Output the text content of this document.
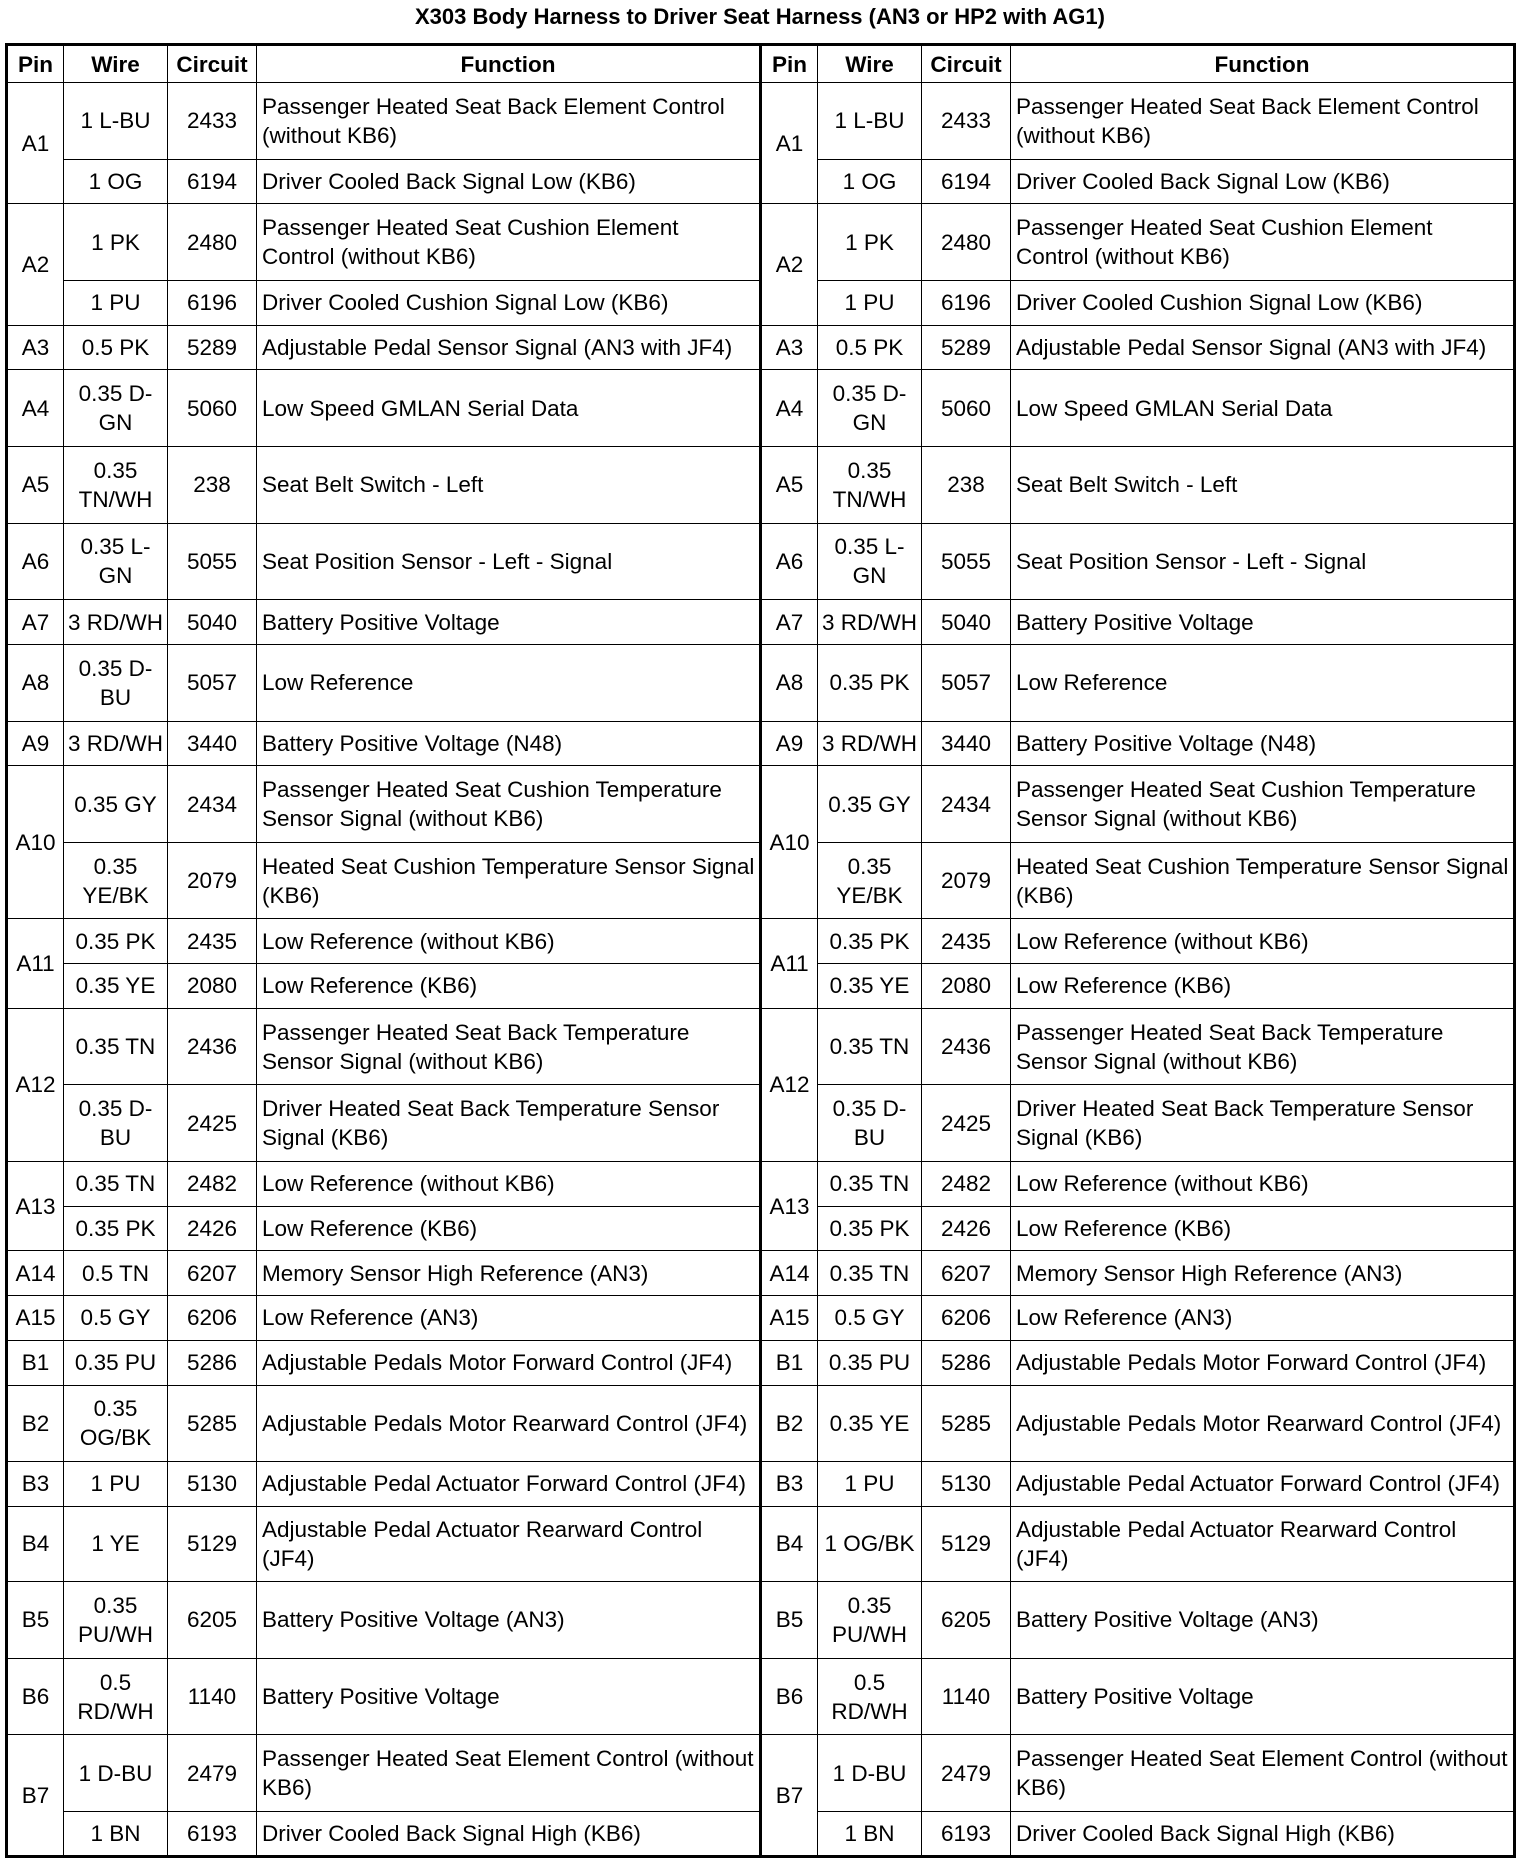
X303 Body Harness to Driver Seat Harness (AN3 or HP2 with AG1)
Pin	Wire	Circuit	Function	Pin	Wire	Circuit	Function
A1	1 L-BU	2433	Passenger Heated Seat Back Element Control (without KB6)	A1	1 L-BU	2433	Passenger Heated Seat Back Element Control (without KB6)
	1 OG	6194	Driver Cooled Back Signal Low (KB6)		1 OG	6194	Driver Cooled Back Signal Low (KB6)
A2	1 PK	2480	Passenger Heated Seat Cushion Element Control (without KB6)	A2	1 PK	2480	Passenger Heated Seat Cushion Element Control (without KB6)
	1 PU	6196	Driver Cooled Cushion Signal Low (KB6)		1 PU	6196	Driver Cooled Cushion Signal Low (KB6)
A3	0.5 PK	5289	Adjustable Pedal Sensor Signal (AN3 with JF4)	A3	0.5 PK	5289	Adjustable Pedal Sensor Signal (AN3 with JF4)
A4	0.35 D-GN	5060	Low Speed GMLAN Serial Data	A4	0.35 D-GN	5060	Low Speed GMLAN Serial Data
A5	0.35 TN/WH	238	Seat Belt Switch - Left	A5	0.35 TN/WH	238	Seat Belt Switch - Left
A6	0.35 L-GN	5055	Seat Position Sensor - Left - Signal	A6	0.35 L-GN	5055	Seat Position Sensor - Left - Signal
A7	3 RD/WH	5040	Battery Positive Voltage	A7	3 RD/WH	5040	Battery Positive Voltage
A8	0.35 D-BU	5057	Low Reference	A8	0.35 PK	5057	Low Reference
A9	3 RD/WH	3440	Battery Positive Voltage (N48)	A9	3 RD/WH	3440	Battery Positive Voltage (N48)
A10	0.35 GY	2434	Passenger Heated Seat Cushion Temperature Sensor Signal (without KB6)	A10	0.35 GY	2434	Passenger Heated Seat Cushion Temperature Sensor Signal (without KB6)
	0.35 YE/BK	2079	Heated Seat Cushion Temperature Sensor Signal (KB6)		0.35 YE/BK	2079	Heated Seat Cushion Temperature Sensor Signal (KB6)
A11	0.35 PK	2435	Low Reference (without KB6)	A11	0.35 PK	2435	Low Reference (without KB6)
	0.35 YE	2080	Low Reference (KB6)		0.35 YE	2080	Low Reference (KB6)
A12	0.35 TN	2436	Passenger Heated Seat Back Temperature Sensor Signal (without KB6)	A12	0.35 TN	2436	Passenger Heated Seat Back Temperature Sensor Signal (without KB6)
	0.35 D-BU	2425	Driver Heated Seat Back Temperature Sensor Signal (KB6)		0.35 D-BU	2425	Driver Heated Seat Back Temperature Sensor Signal (KB6)
A13	0.35 TN	2482	Low Reference (without KB6)	A13	0.35 TN	2482	Low Reference (without KB6)
	0.35 PK	2426	Low Reference (KB6)		0.35 PK	2426	Low Reference (KB6)
A14	0.5 TN	6207	Memory Sensor High Reference (AN3)	A14	0.35 TN	6207	Memory Sensor High Reference (AN3)
A15	0.5 GY	6206	Low Reference (AN3)	A15	0.5 GY	6206	Low Reference (AN3)
B1	0.35 PU	5286	Adjustable Pedals Motor Forward Control (JF4)	B1	0.35 PU	5286	Adjustable Pedals Motor Forward Control (JF4)
B2	0.35 OG/BK	5285	Adjustable Pedals Motor Rearward Control (JF4)	B2	0.35 YE	5285	Adjustable Pedals Motor Rearward Control (JF4)
B3	1 PU	5130	Adjustable Pedal Actuator Forward Control (JF4)	B3	1 PU	5130	Adjustable Pedal Actuator Forward Control (JF4)
B4	1 YE	5129	Adjustable Pedal Actuator Rearward Control (JF4)	B4	1 OG/BK	5129	Adjustable Pedal Actuator Rearward Control (JF4)
B5	0.35 PU/WH	6205	Battery Positive Voltage (AN3)	B5	0.35 PU/WH	6205	Battery Positive Voltage (AN3)
B6	0.5 RD/WH	1140	Battery Positive Voltage	B6	0.5 RD/WH	1140	Battery Positive Voltage
B7	1 D-BU	2479	Passenger Heated Seat Element Control (without KB6)	B7	1 D-BU	2479	Passenger Heated Seat Element Control (without KB6)
	1 BN	6193	Driver Cooled Back Signal High (KB6)		1 BN	6193	Driver Cooled Back Signal High (KB6)
